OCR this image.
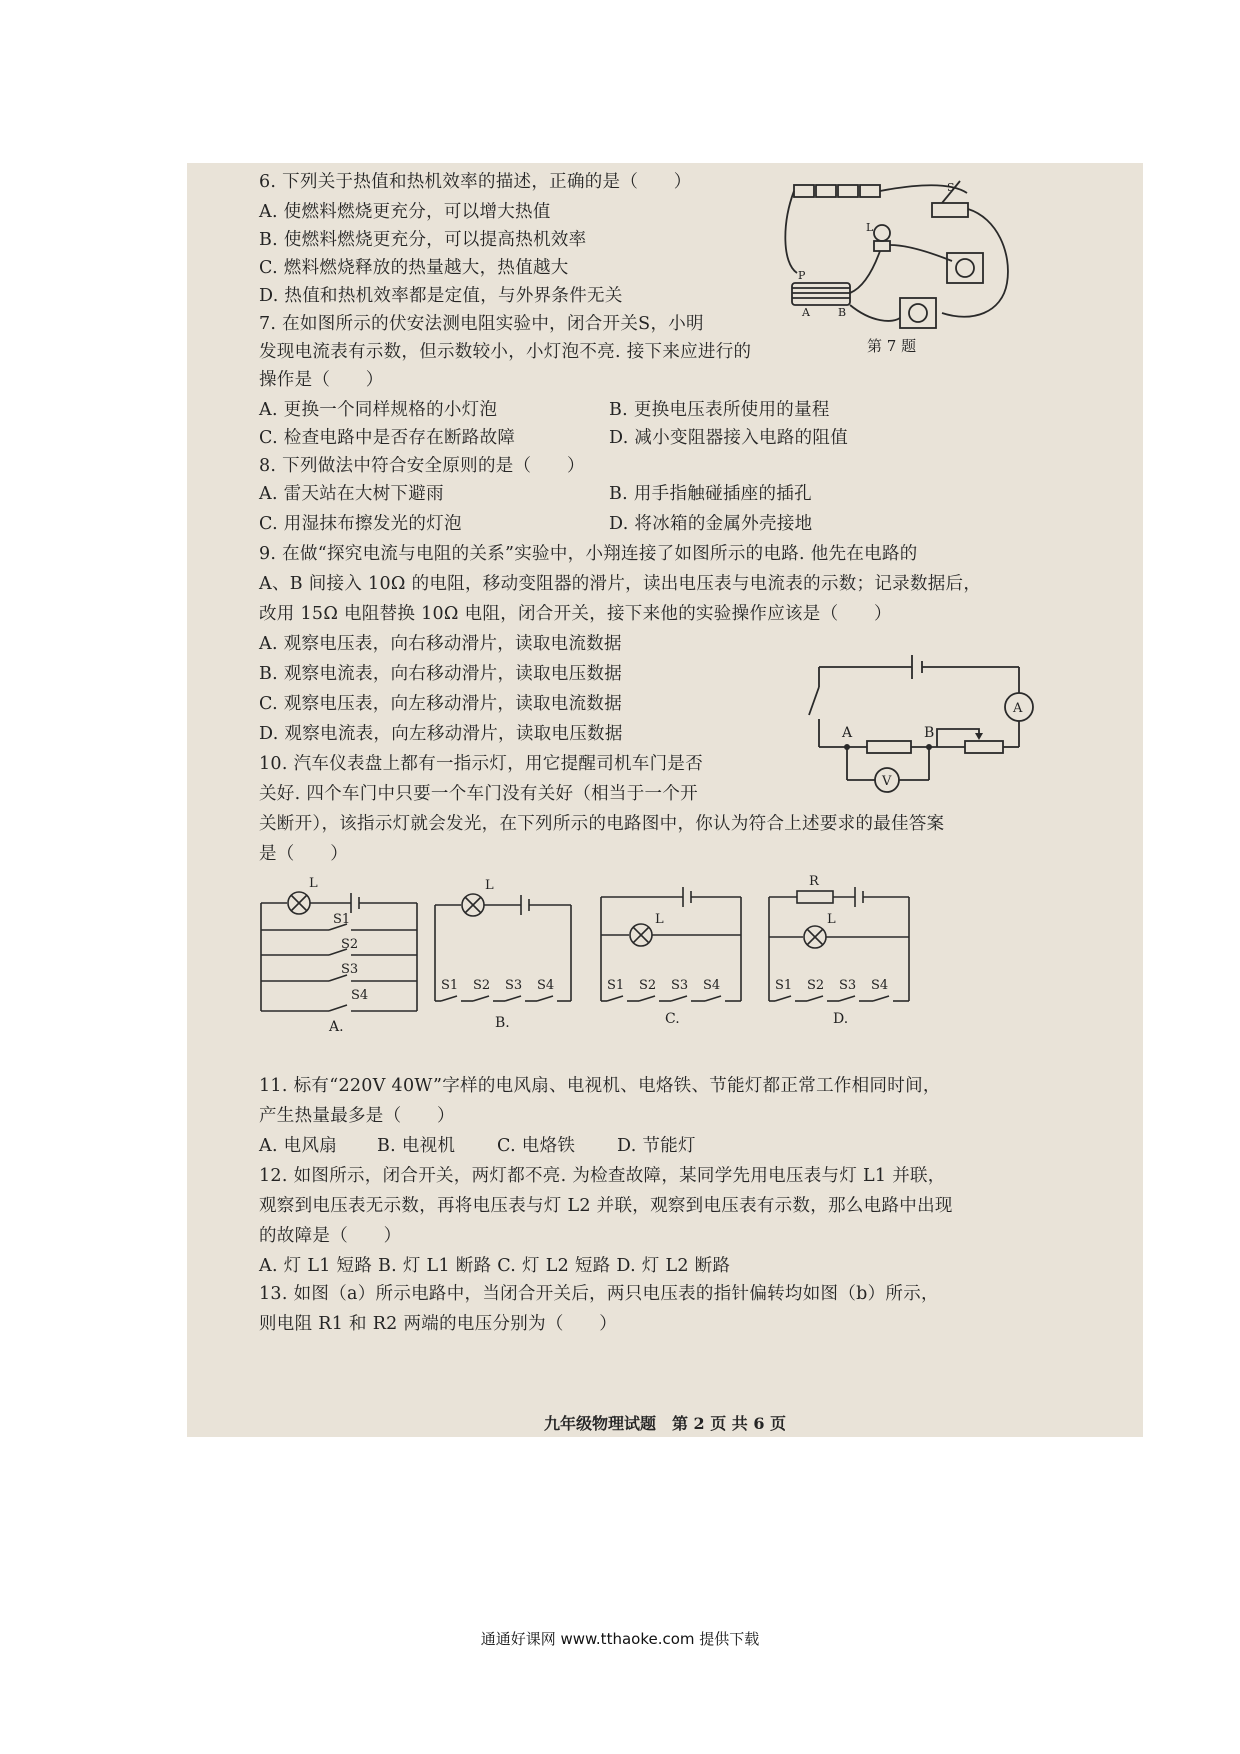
6. 下列关于热值和热机效率的描述，正确的是（　　）
A. 使燃料燃烧更充分，可以增大热值
B. 使燃料燃烧更充分，可以提高热机效率
C. 燃料燃烧释放的热量越大，热值越大
D. 热值和热机效率都是定值，与外界条件无关
7. 在如图所示的伏安法测电阻实验中，闭合开关S，小明
发现电流表有示数，但示数较小，小灯泡不亮. 接下来应进行的
操作是（　　）
A. 更换一个同样规格的小灯泡	B. 更换电压表所使用的量程
C. 检查电路中是否存在断路故障	D. 减小变阻器接入电路的阻值
S
L
P
A	B
第 7 题
8. 下列做法中符合安全原则的是（　　）
A. 雷天站在大树下避雨	B. 用手指触碰插座的插孔
C. 用湿抹布擦发光的灯泡	D. 将冰箱的金属外壳接地
9. 在做“探究电流与电阻的关系”实验中，小翔连接了如图所示的电路. 他先在电路的
A、B 间接入 10Ω 的电阻，移动变阻器的滑片，读出电压表与电流表的示数；记录数据后，
改用 15Ω 电阻替换 10Ω 电阻，闭合开关，接下来他的实验操作应该是（　　）
A. 观察电压表，向右移动滑片，读取电流数据
B. 观察电流表，向右移动滑片，读取电压数据
C. 观察电压表，向左移动滑片，读取电流数据
D. 观察电流表，向左移动滑片，读取电压数据
A
V
A	B
10. 汽车仪表盘上都有一指示灯，用它提醒司机车门是否
关好. 四个车门中只要一个车门没有关好（相当于一个开
关断开），该指示灯就会发光，在下列所示的电路图中，你认为符合上述要求的最佳答案
是（　　）
L
S1
S2
S3
S4
A.
L
S1 S2 S3 S4
B.
L
S1 S2 S3 S4
C.
R
L
S1 S2 S3 S4
D.
11. 标有“220V 40W”字样的电风扇、电视机、电烙铁、节能灯都正常工作相同时间，
产生热量最多是（　　）
A. 电风扇 B. 电视机 C. 电烙铁 D. 节能灯
12. 如图所示，闭合开关，两灯都不亮. 为检查故障，某同学先用电压表与灯 L1 并联，
观察到电压表无示数，再将电压表与灯 L2 并联，观察到电压表有示数，那么电路中出现
的故障是（　　）
A. 灯 L1 短路 B. 灯 L1 断路 C. 灯 L2 短路 D. 灯 L2 断路
13. 如图（a）所示电路中，当闭合开关后，两只电压表的指针偏转均如图（b）所示，
则电阻 R1 和 R2 两端的电压分别为（　　）
九年级物理试题　第 2 页 共 6 页
通通好课网 www.tthaoke.com 提供下载
